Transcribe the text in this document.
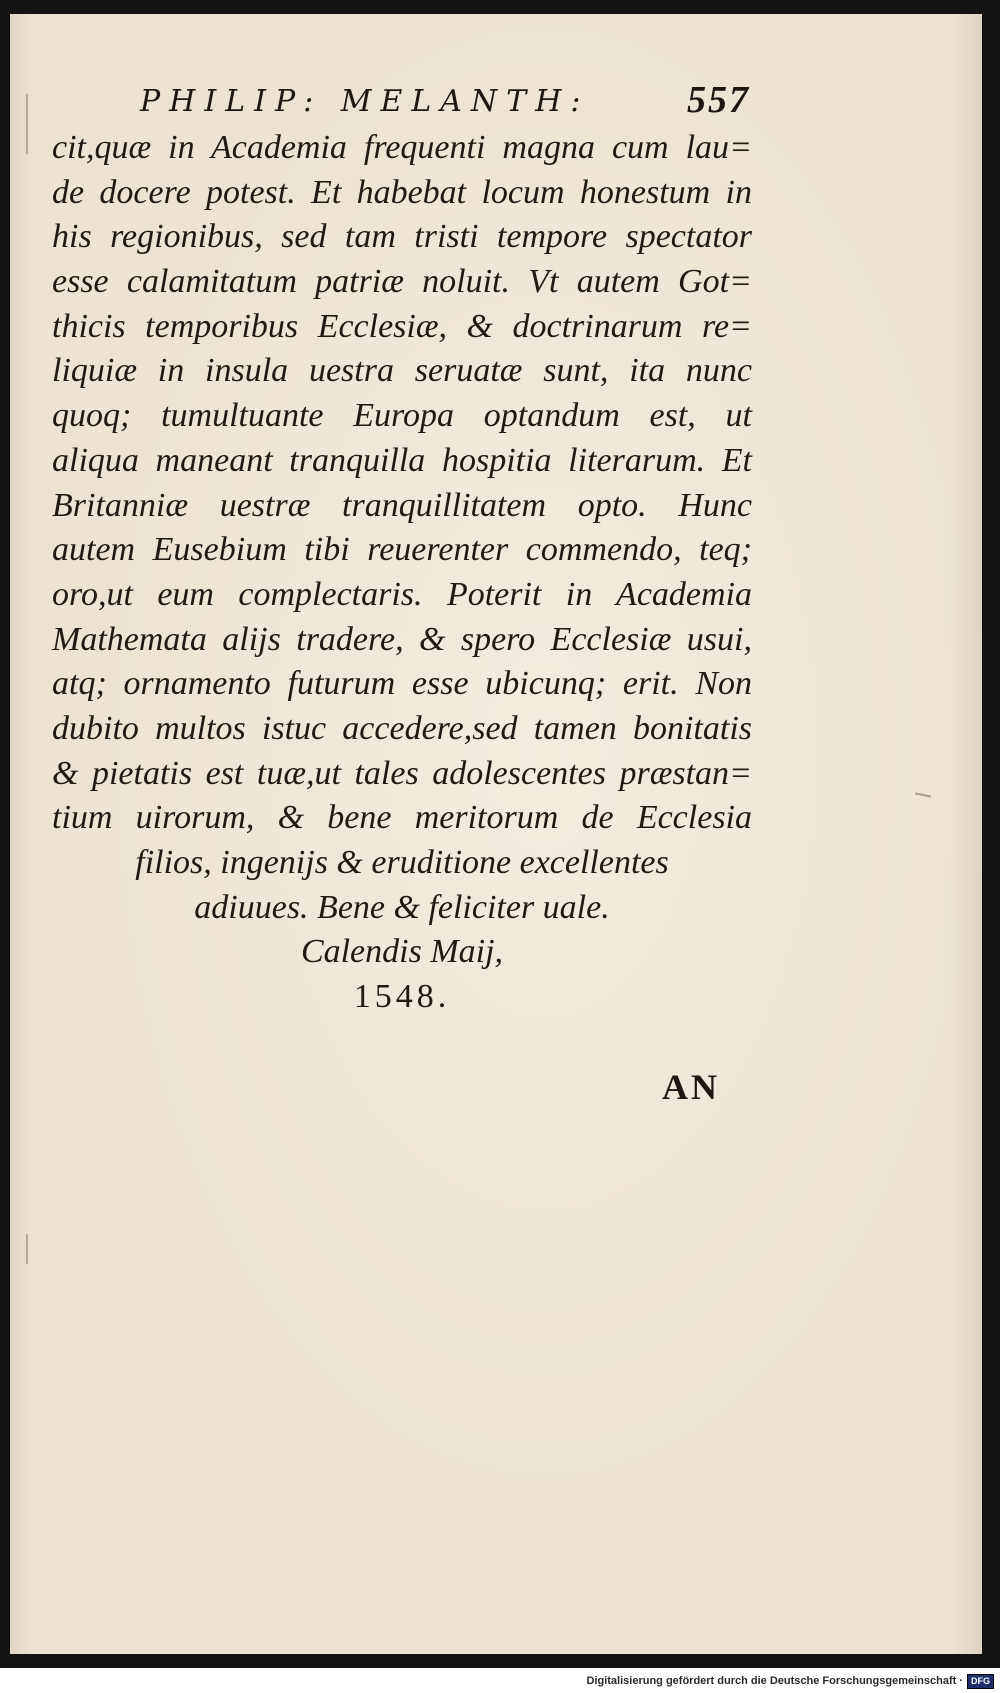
PHILIP: MELANTH:	557
cit,quæ in Academia frequenti magna cum lau=
de docere potest. Et habebat locum honestum in
his regionibus, sed tam tristi tempore spectator
esse calamitatum patriæ noluit. Vt autem Got=
thicis temporibus Ecclesiæ, & doctrinarum re=
liquiæ in insula uestra seruatæ sunt, ita nunc
quoq; tumultuante Europa optandum est, ut
aliqua maneant tranquilla hospitia literarum. Et
Britanniæ uestræ tranquillitatem opto. Hunc
autem Eusebium tibi reuerenter commendo, teq;
oro,ut eum complectaris. Poterit in Academia
Mathemata alijs tradere, & spero Ecclesiæ usui,
atq; ornamento futurum esse ubicunq; erit. Non
dubito multos istuc accedere,sed tamen bonitatis
& pietatis est tuæ,ut tales adolescentes præstan=
tium uirorum, & bene meritorum de Ecclesia
filios, ingenijs & eruditione excellentes
adiuues. Bene & feliciter uale.
Calendis Maij,
1548.
AN
Digitalisierung gefördert durch die Deutsche Forschungsgemeinschaft · DFG
